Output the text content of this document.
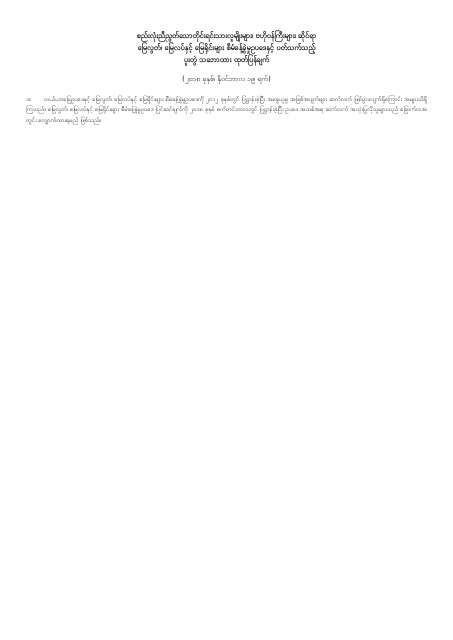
စည်းလုံးညီညွတ်သောတိုင်းရင်းသားလူမျိုးများ၊ ဗဟိုဝန်ကြီးများ၊ ဆိုင်ရာ
မြေလွတ်၊ မြေလပ်နှင့် မြေရိုင်းများ စီမံခန့်ခွဲမှုဥပဒေနှင့် ပတ်သက်သည့်
ပူးတွဲ သဘောထား ထုတ်ပြန်ချက်
(၂၀၁၈ ခုနှစ်၊ နိုဝင်ဘာလ ၁၉ ရက်)

၁။ လယ်ယာမြေဥပဒေနှင့် မြေလွတ်၊ မြေလပ်နှင့် မြေရိုင်းများ စီမံခန့်ခွဲမှုဥပဒေကို ၂၀၁၂ ခုနှစ်တွင် ပြဋ္ဌာန်းခဲ့ပြီး အခွေယူမှု အဖြစ်အပျက်များ ဆက်လက် ဖြစ်ပွားလျက်ရှိကြောင်း အများသိရှိကြသည်။ မြေလွတ်၊ မြေလပ်နှင့် မြေရိုင်းများ စီမံခန့်ခွဲမှုဥပဒေ ပြင်ဆင်ချက်ကို ၂၀၁၈ ခုနှစ် စက်တင်ဘာလတွင် ပြဋ္ဌာန်းခဲ့ပြီး ဥပဒေ အသစ်အရ ဆက်လက် အသုံးပြုလိုသူများသည် ခြောက်လအတွင်း လျှောက်ထားရမည် ဖြစ်သည်။
